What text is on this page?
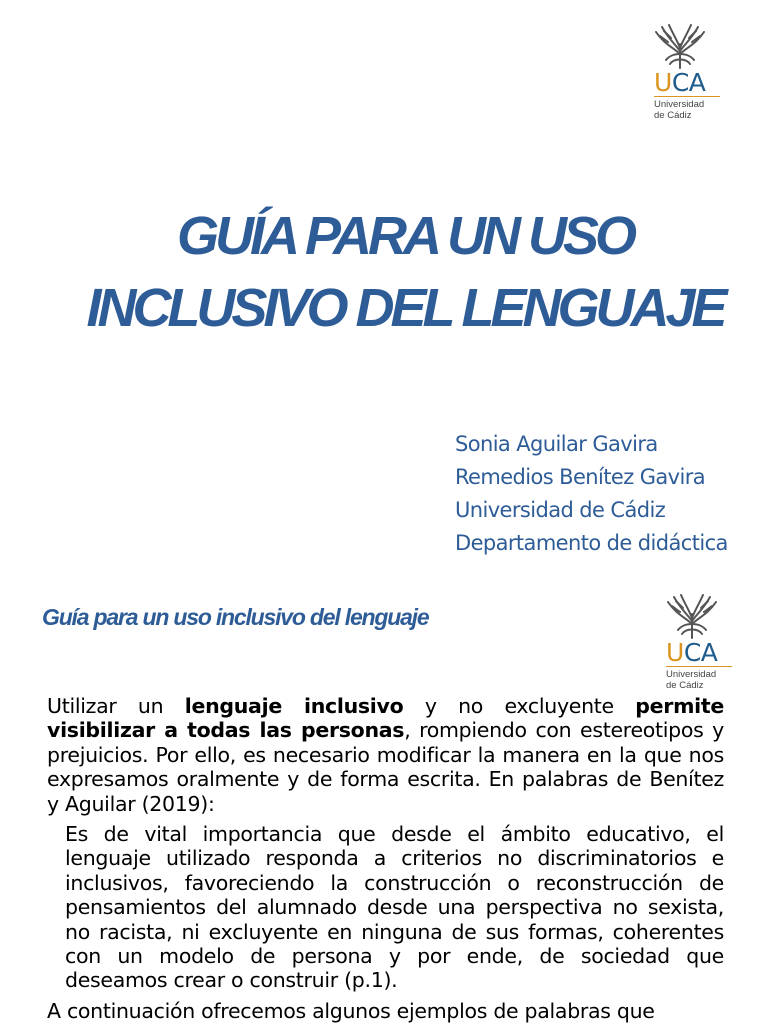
UCA
Universidad
de Cádiz
GUÍA PARA UN USO
INCLUSIVO DEL LENGUAJE
Sonia Aguilar Gavira
Remedios Benítez Gavira
Universidad de Cádiz
Departamento de didáctica
Guía para un uso inclusivo del lenguaje
UCA
Universidad
de Cádiz

Utilizar un lenguaje inclusivo y no excluyente permite visibilizar a todas las personas, rompiendo con estereotipos y prejuicios. Por ello, es necesario modificar la manera en la que nos expresamos oralmente y de forma escrita. En palabras de Benítez y Aguilar (2019):

Es de vital importancia que desde el ámbito educativo, el lenguaje utilizado responda a criterios no discriminatorios e inclusivos, favoreciendo la construcción o reconstrucción de pensamientos del alumnado desde una perspectiva no sexista, no racista, ni excluyente en ninguna de sus formas, coherentes con un modelo de persona y por ende, de sociedad que deseamos crear o construir (p.1).

A continuación ofrecemos algunos ejemplos de palabras que
